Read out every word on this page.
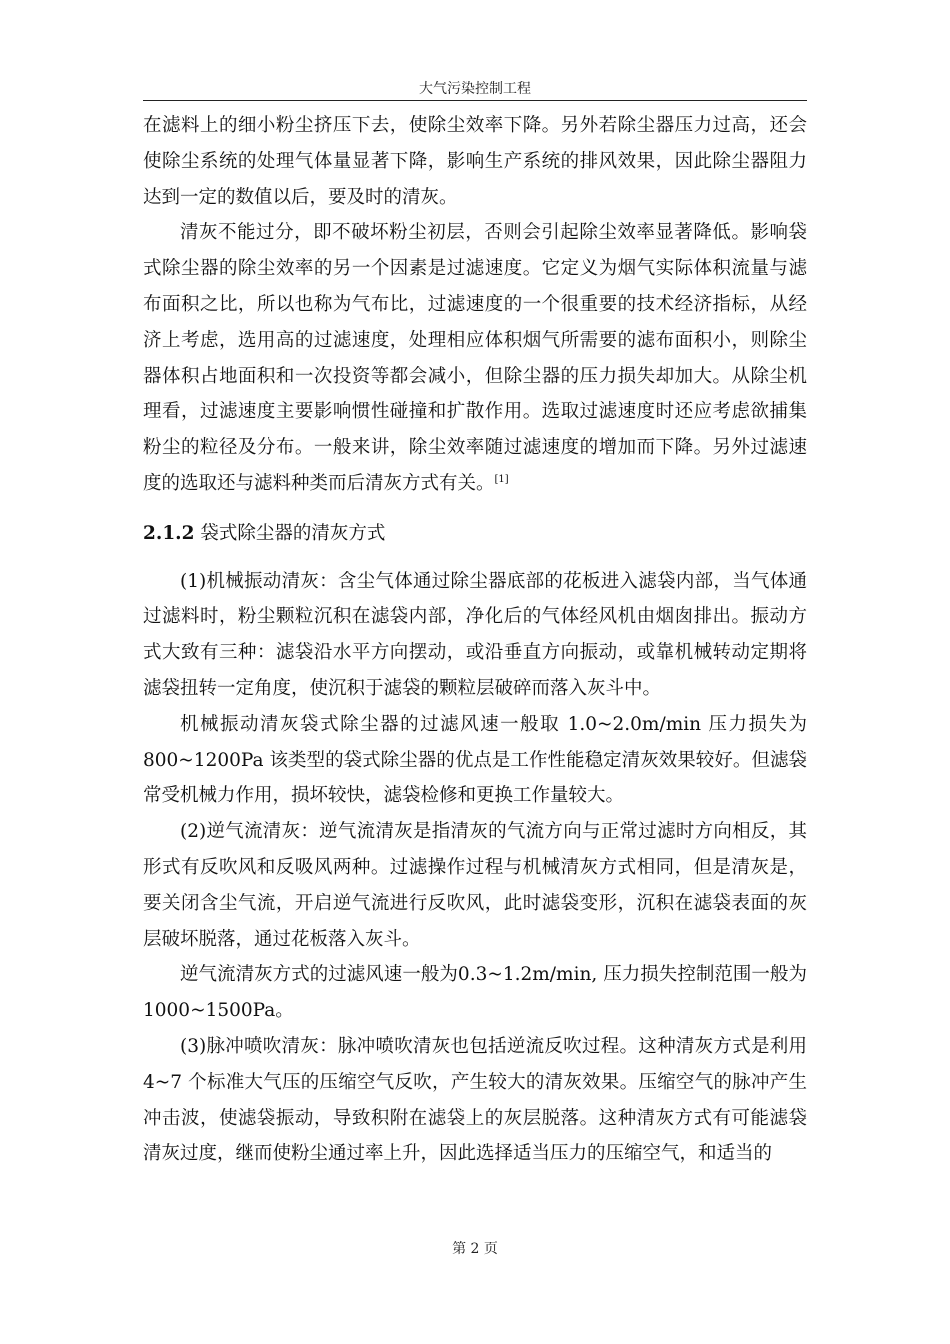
大气污染控制工程

在滤料上的细小粉尘挤压下去，使除尘效率下降。另外若除尘器压力过高，还会使除尘系统的处理气体量显著下降，影响生产系统的排风效果，因此除尘器阻力达到一定的数值以后，要及时的清灰。

清灰不能过分，即不破坏粉尘初层，否则会引起除尘效率显著降低。影响袋式除尘器的除尘效率的另一个因素是过滤速度。它定义为烟气实际体积流量与滤布面积之比，所以也称为气布比，过滤速度的一个很重要的技术经济指标，从经济上考虑，选用高的过滤速度，处理相应体积烟气所需要的滤布面积小，则除尘器体积占地面积和一次投资等都会减小，但除尘器的压力损失却加大。从除尘机理看，过滤速度主要影响惯性碰撞和扩散作用。选取过滤速度时还应考虑欲捕集粉尘的粒径及分布。一般来讲，除尘效率随过滤速度的增加而下降。另外过滤速度的选取还与滤料种类而后清灰方式有关。[1]

2.1.2 袋式除尘器的清灰方式

(1)机械振动清灰：含尘气体通过除尘器底部的花板进入滤袋内部，当气体通过滤料时，粉尘颗粒沉积在滤袋内部，净化后的气体经风机由烟囱排出。振动方式大致有三种：滤袋沿水平方向摆动，或沿垂直方向振动，或靠机械转动定期将滤袋扭转一定角度，使沉积于滤袋的颗粒层破碎而落入灰斗中。

机械振动清灰袋式除尘器的过滤风速一般取 1.0~2.0m/min 压力损失为800~1200Pa 该类型的袋式除尘器的优点是工作性能稳定清灰效果较好。但滤袋常受机械力作用，损坏较快，滤袋检修和更换工作量较大。

(2)逆气流清灰：逆气流清灰是指清灰的气流方向与正常过滤时方向相反，其形式有反吹风和反吸风两种。过滤操作过程与机械清灰方式相同，但是清灰是，要关闭含尘气流，开启逆气流进行反吹风，此时滤袋变形，沉积在滤袋表面的灰层破坏脱落，通过花板落入灰斗。

逆气流清灰方式的过滤风速一般为0.3~1.2m/min, 压力损失控制范围一般为1000~1500Pa。

(3)脉冲喷吹清灰：脉冲喷吹清灰也包括逆流反吹过程。这种清灰方式是利用 4~7 个标准大气压的压缩空气反吹，产生较大的清灰效果。压缩空气的脉冲产生冲击波，使滤袋振动，导致积附在滤袋上的灰层脱落。这种清灰方式有可能滤袋清灰过度，继而使粉尘通过率上升，因此选择适当压力的压缩空气，和适当的

第 2 页
